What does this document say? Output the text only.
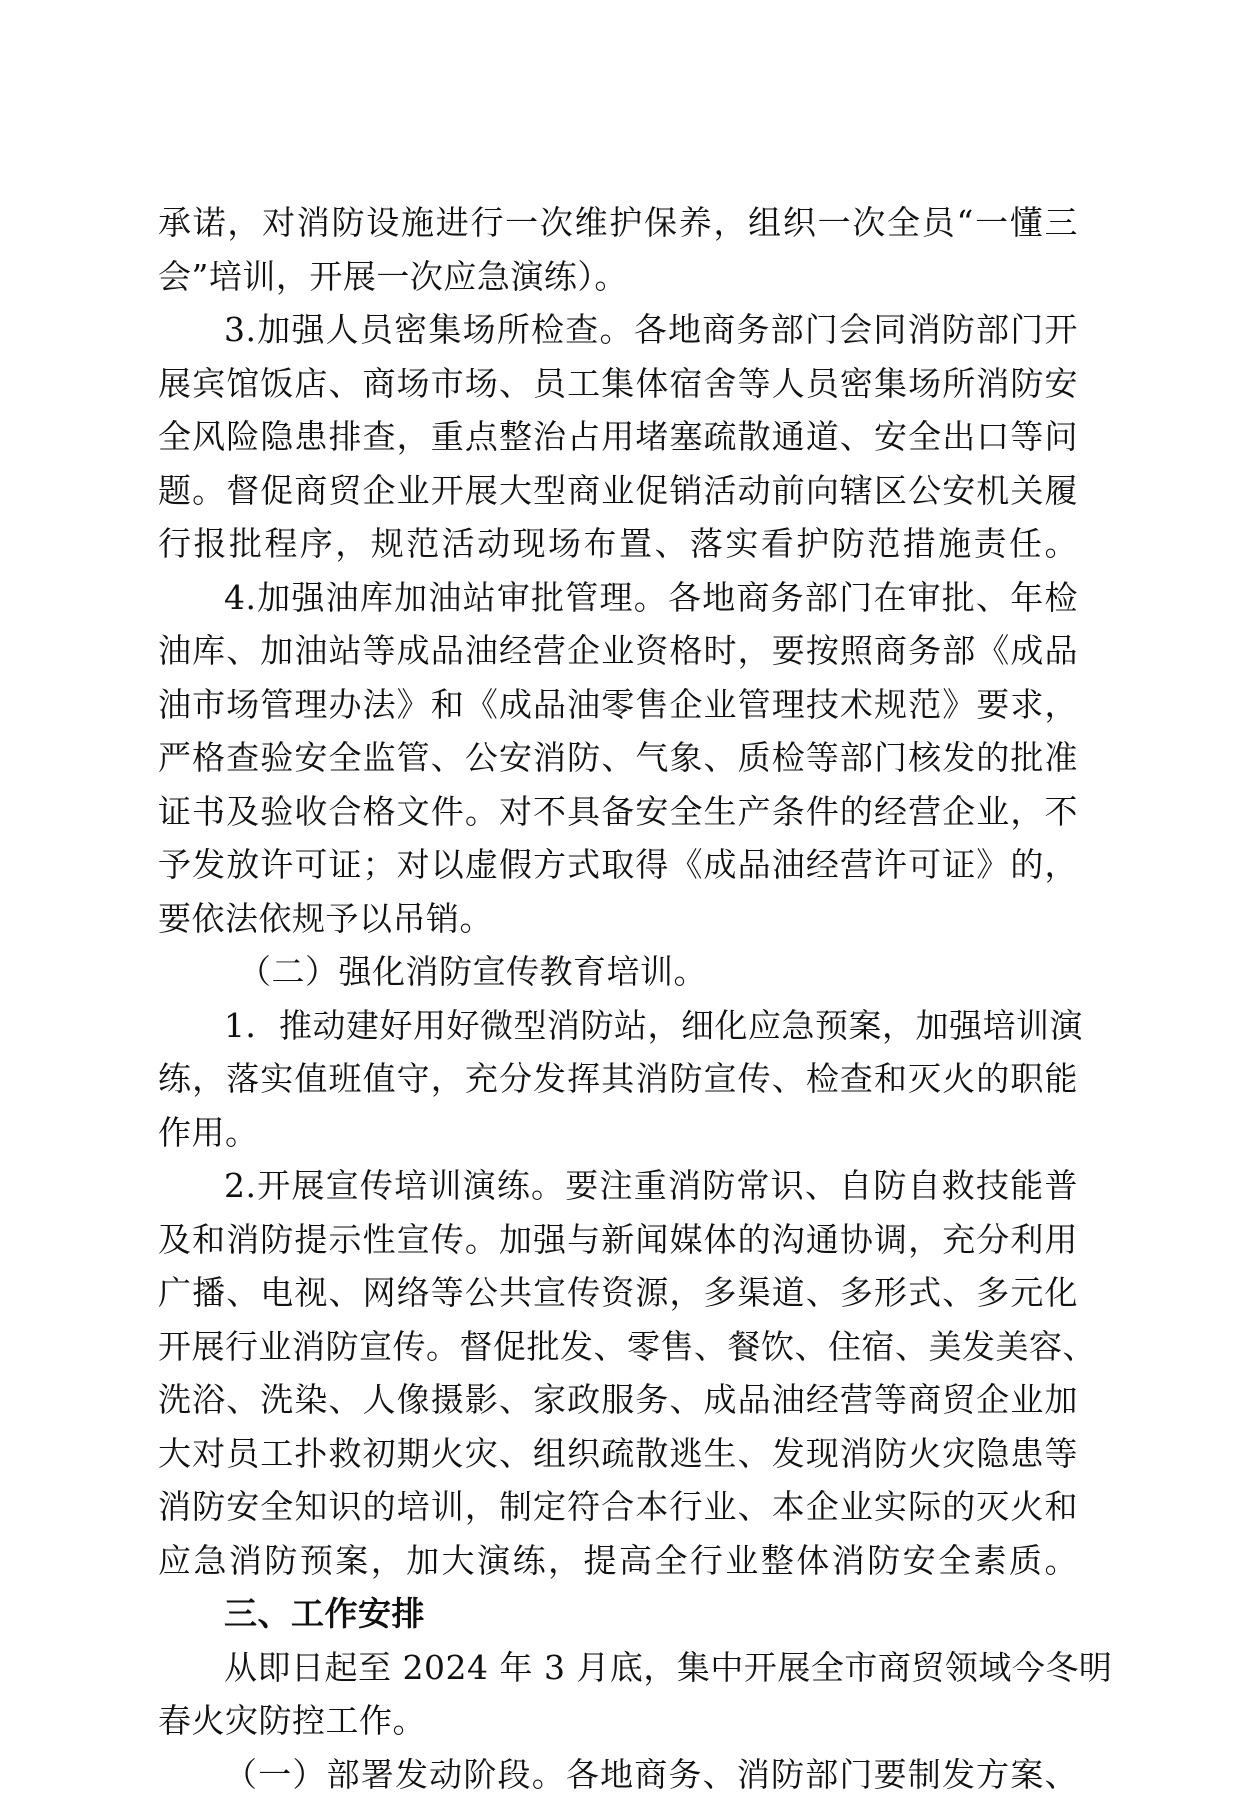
承诺，对消防设施进行一次维护保养，组织一次全员“一懂三
会”培训，开展一次应急演练）。
3.加强人员密集场所检查。各地商务部门会同消防部门开
展宾馆饭店、商场市场、员工集体宿舍等人员密集场所消防安
全风险隐患排查，重点整治占用堵塞疏散通道、安全出口等问
题。督促商贸企业开展大型商业促销活动前向辖区公安机关履
行报批程序，规范活动现场布置、落实看护防范措施责任。
4.加强油库加油站审批管理。各地商务部门在审批、年检
油库、加油站等成品油经营企业资格时，要按照商务部《成品
油市场管理办法》和《成品油零售企业管理技术规范》要求，
严格查验安全监管、公安消防、气象、质检等部门核发的批准
证书及验收合格文件。对不具备安全生产条件的经营企业，不
予发放许可证；对以虚假方式取得《成品油经营许可证》的，
要依法依规予以吊销。
（二）强化消防宣传教育培训。
1．推动建好用好微型消防站，细化应急预案，加强培训演
练，落实值班值守，充分发挥其消防宣传、检查和灭火的职能
作用。
2.开展宣传培训演练。要注重消防常识、自防自救技能普
及和消防提示性宣传。加强与新闻媒体的沟通协调，充分利用
广播、电视、网络等公共宣传资源，多渠道、多形式、多元化
开展行业消防宣传。督促批发、零售、餐饮、住宿、美发美容、
洗浴、洗染、人像摄影、家政服务、成品油经营等商贸企业加
大对员工扑救初期火灾、组织疏散逃生、发现消防火灾隐患等
消防安全知识的培训，制定符合本行业、本企业实际的灭火和
应急消防预案，加大演练，提高全行业整体消防安全素质。
三、工作安排
从即日起至 2024 年 3 月底，集中开展全市商贸领域今冬明
春火灾防控工作。
（一）部署发动阶段。各地商务、消防部门要制发方案、
